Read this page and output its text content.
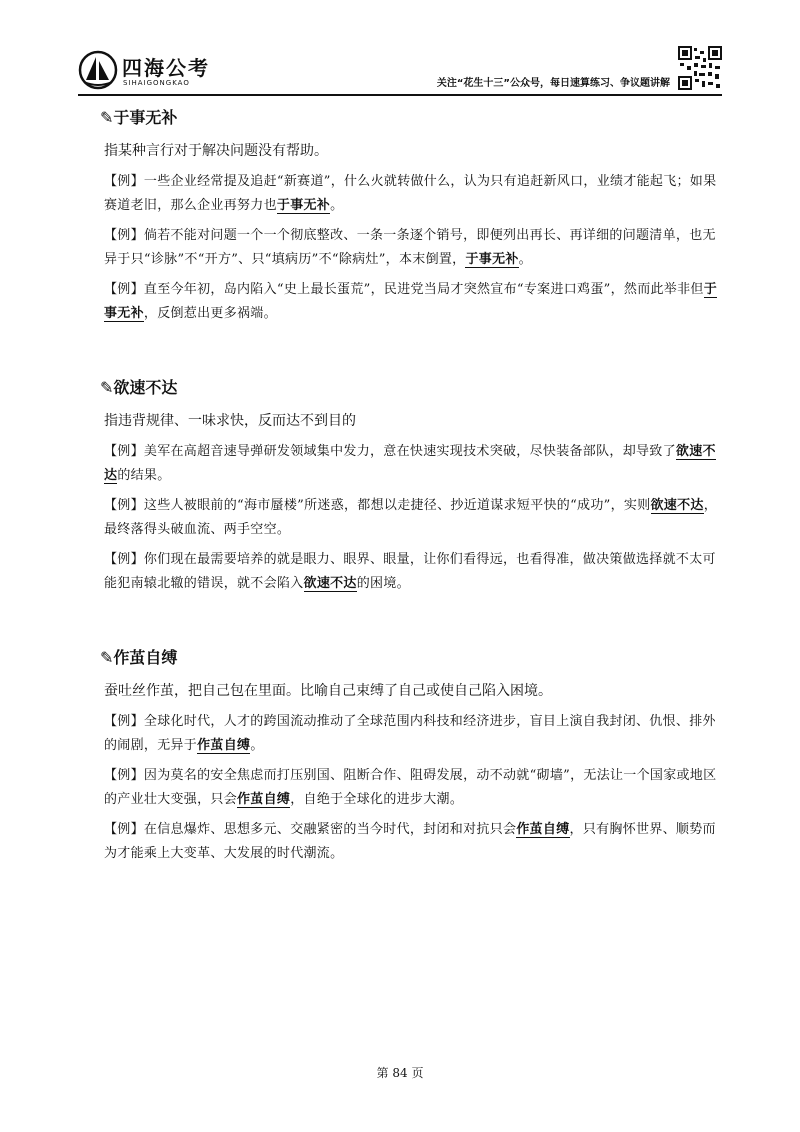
四海公考
SIHAIGONGKAO	关注“花生十三”公众号，每日速算练习、争议题讲解
✎于事无补

指某种言行对于解决问题没有帮助。

【例】一些企业经常提及追赶“新赛道”，什么火就转做什么，认为只有追赶新风口，业绩才能起飞；如果赛道老旧，那么企业再努力也于事无补。

【例】倘若不能对问题一个一个彻底整改、一条一条逐个销号，即便列出再长、再详细的问题清单，也无异于只“诊脉”不“开方”、只“填病历”不“除病灶”，本末倒置，于事无补。

【例】直至今年初，岛内陷入“史上最长蛋荒”，民进党当局才突然宣布“专案进口鸡蛋”，然而此举非但于事无补，反倒惹出更多祸端。

✎欲速不达

指违背规律、一味求快，反而达不到目的

【例】美军在高超音速导弹研发领域集中发力，意在快速实现技术突破，尽快装备部队，却导致了欲速不达的结果。

【例】这些人被眼前的“海市蜃楼”所迷惑，都想以走捷径、抄近道谋求短平快的“成功”，实则欲速不达，最终落得头破血流、两手空空。

【例】你们现在最需要培养的就是眼力、眼界、眼量，让你们看得远，也看得准，做决策做选择就不太可能犯南辕北辙的错误，就不会陷入欲速不达的困境。

✎作茧自缚

蚕吐丝作茧，把自己包在里面。比喻自己束缚了自己或使自己陷入困境。

【例】全球化时代，人才的跨国流动推动了全球范围内科技和经济进步，盲目上演自我封闭、仇恨、排外的闹剧，无异于作茧自缚。

【例】因为莫名的安全焦虑而打压别国、阻断合作、阻碍发展，动不动就“砌墙”，无法让一个国家或地区的产业壮大变强，只会作茧自缚，自绝于全球化的进步大潮。

【例】在信息爆炸、思想多元、交融紧密的当今时代，封闭和对抗只会作茧自缚，只有胸怀世界、顺势而为才能乘上大变革、大发展的时代潮流。

第 84 页
